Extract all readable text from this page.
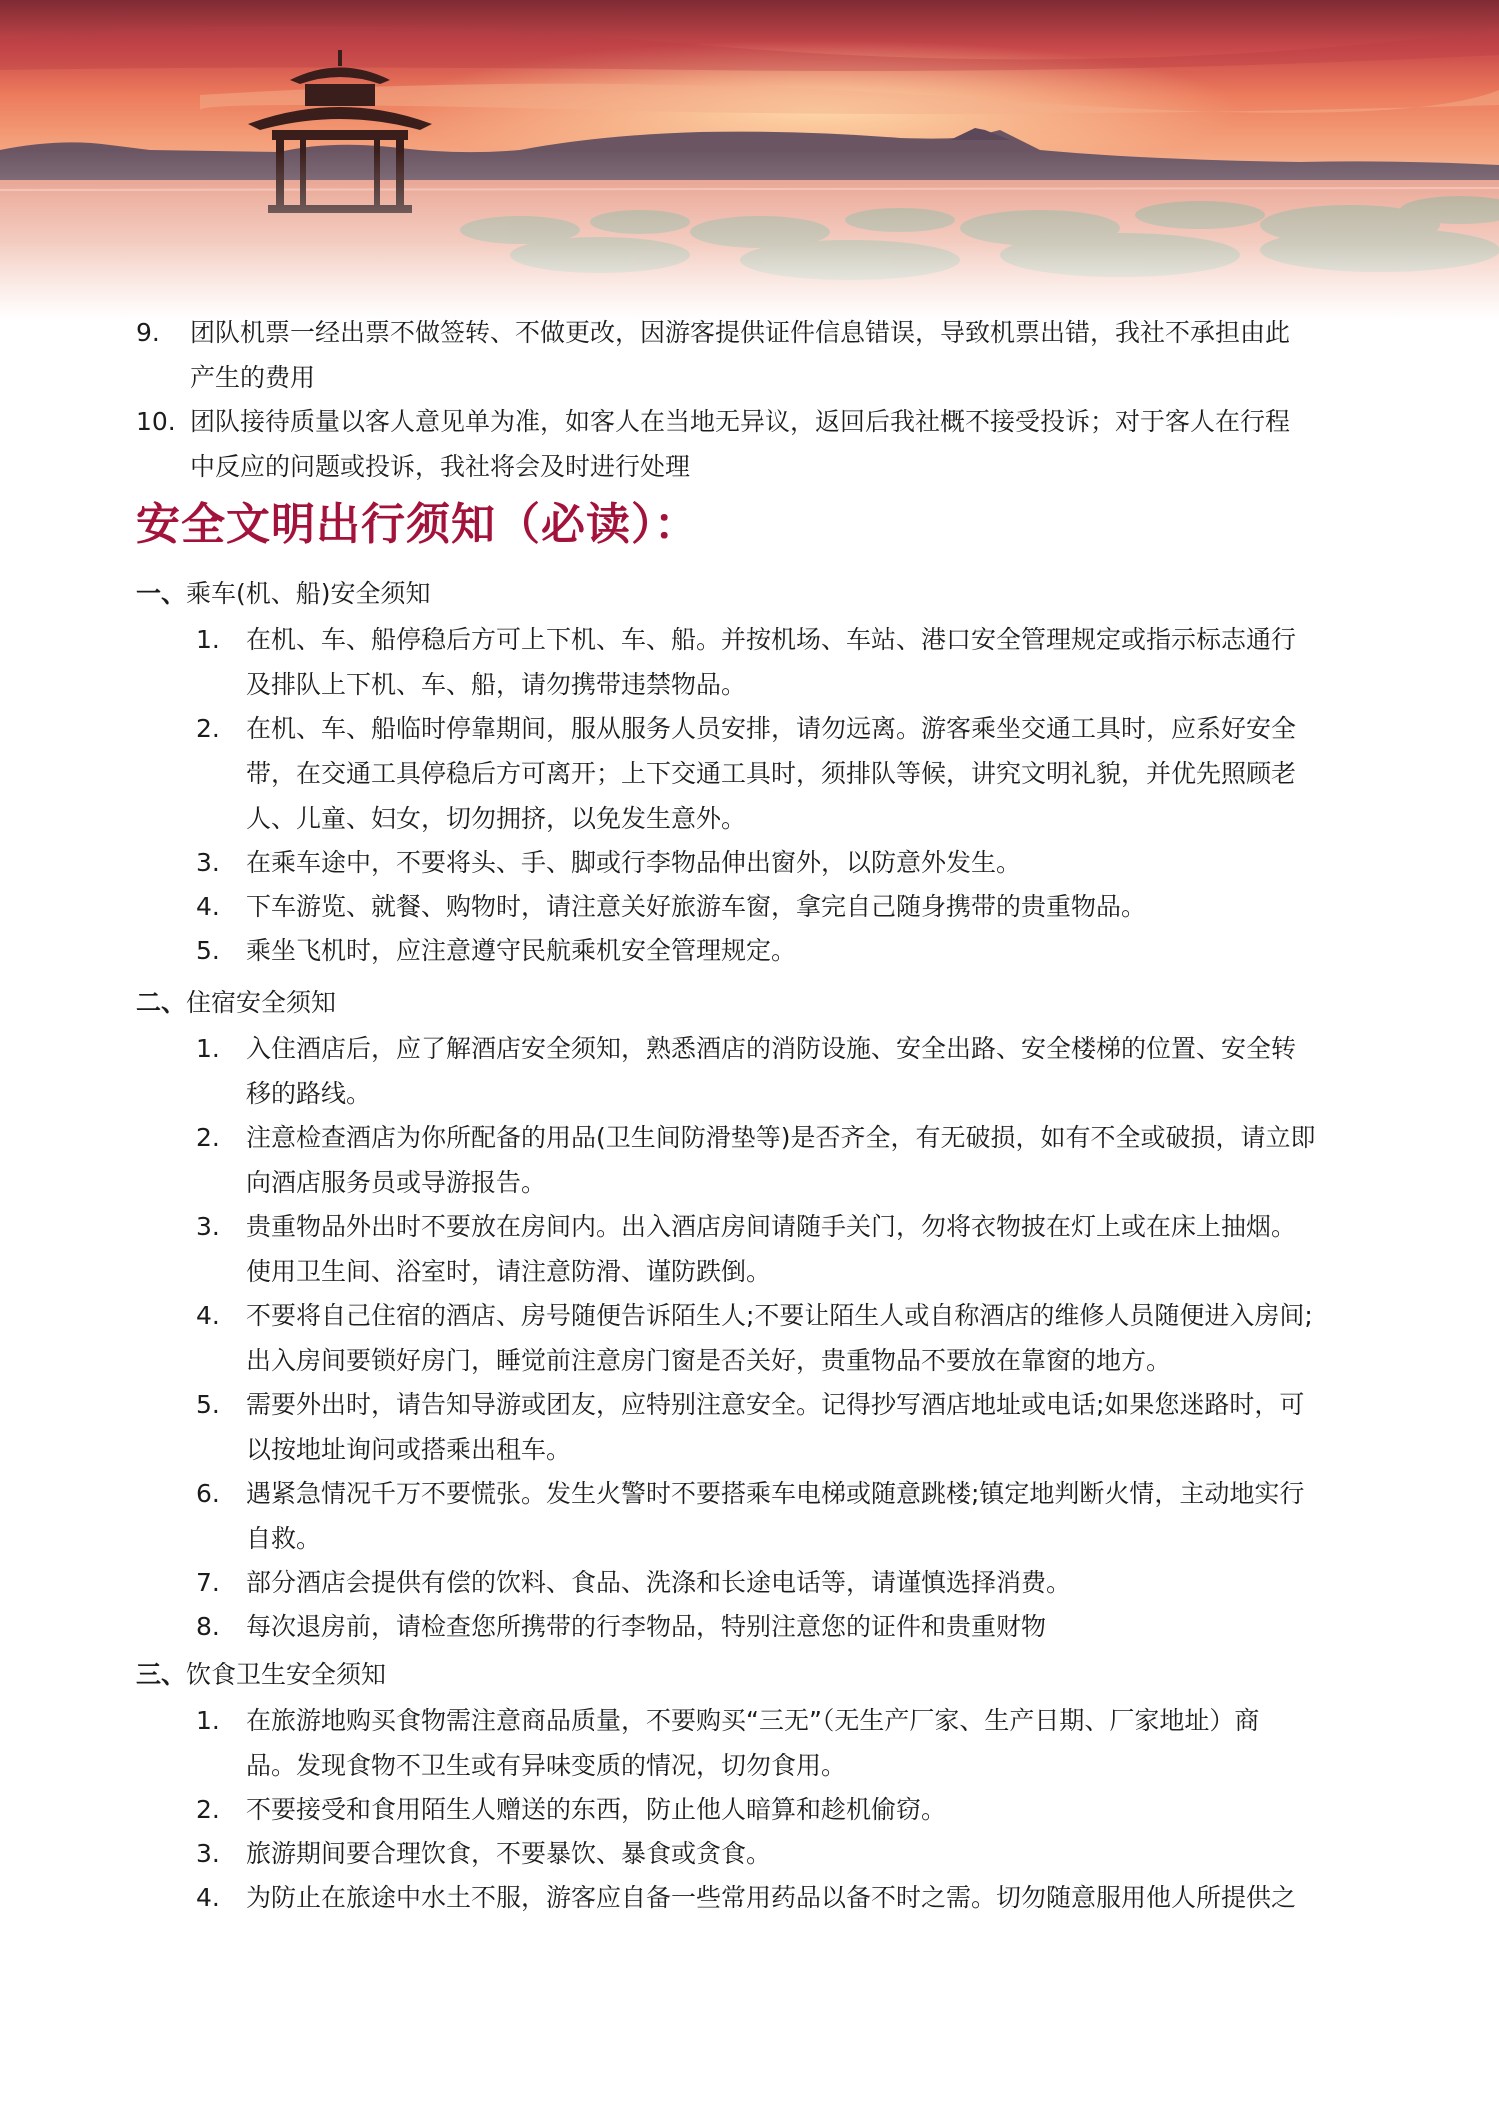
9. 团队机票一经出票不做签转、不做更改，因游客提供证件信息错误，导致机票出错，我社不承担由此
产生的费用
10. 团队接待质量以客人意见单为准，如客人在当地无异议，返回后我社概不接受投诉；对于客人在行程
中反应的问题或投诉，我社将会及时进行处理
安全文明出行须知（必读）：
一、乘车(机、船)安全须知
1. 在机、车、船停稳后方可上下机、车、船。并按机场、车站、港口安全管理规定或指示标志通行
及排队上下机、车、船，请勿携带违禁物品。
2. 在机、车、船临时停靠期间，服从服务人员安排，请勿远离。游客乘坐交通工具时，应系好安全
带，在交通工具停稳后方可离开；上下交通工具时，须排队等候，讲究文明礼貌，并优先照顾老
人、儿童、妇女，切勿拥挤，以免发生意外。
3. 在乘车途中，不要将头、手、脚或行李物品伸出窗外，以防意外发生。
4. 下车游览、就餐、购物时，请注意关好旅游车窗，拿完自己随身携带的贵重物品。
5. 乘坐飞机时，应注意遵守民航乘机安全管理规定。
二、住宿安全须知
1. 入住酒店后，应了解酒店安全须知，熟悉酒店的消防设施、安全出路、安全楼梯的位置、安全转
移的路线。
2. 注意检查酒店为你所配备的用品(卫生间防滑垫等)是否齐全，有无破损，如有不全或破损，请立即
向酒店服务员或导游报告。
3. 贵重物品外出时不要放在房间内。出入酒店房间请随手关门，勿将衣物披在灯上或在床上抽烟。
使用卫生间、浴室时，请注意防滑、谨防跌倒。
4. 不要将自己住宿的酒店、房号随便告诉陌生人;不要让陌生人或自称酒店的维修人员随便进入房间;
出入房间要锁好房门，睡觉前注意房门窗是否关好，贵重物品不要放在靠窗的地方。
5. 需要外出时，请告知导游或团友，应特别注意安全。记得抄写酒店地址或电话;如果您迷路时，可
以按地址询问或搭乘出租车。
6. 遇紧急情况千万不要慌张。发生火警时不要搭乘车电梯或随意跳楼;镇定地判断火情，主动地实行
自救。
7. 部分酒店会提供有偿的饮料、食品、洗涤和长途电话等，请谨慎选择消费。
8. 每次退房前，请检查您所携带的行李物品，特别注意您的证件和贵重财物
三、饮食卫生安全须知
1. 在旅游地购买食物需注意商品质量，不要购买“三无”（无生产厂家、生产日期、厂家地址）商
品。发现食物不卫生或有异味变质的情况，切勿食用。
2. 不要接受和食用陌生人赠送的东西，防止他人暗算和趁机偷窃。
3. 旅游期间要合理饮食，不要暴饮、暴食或贪食。
4. 为防止在旅途中水土不服，游客应自备一些常用药品以备不时之需。切勿随意服用他人所提供之
